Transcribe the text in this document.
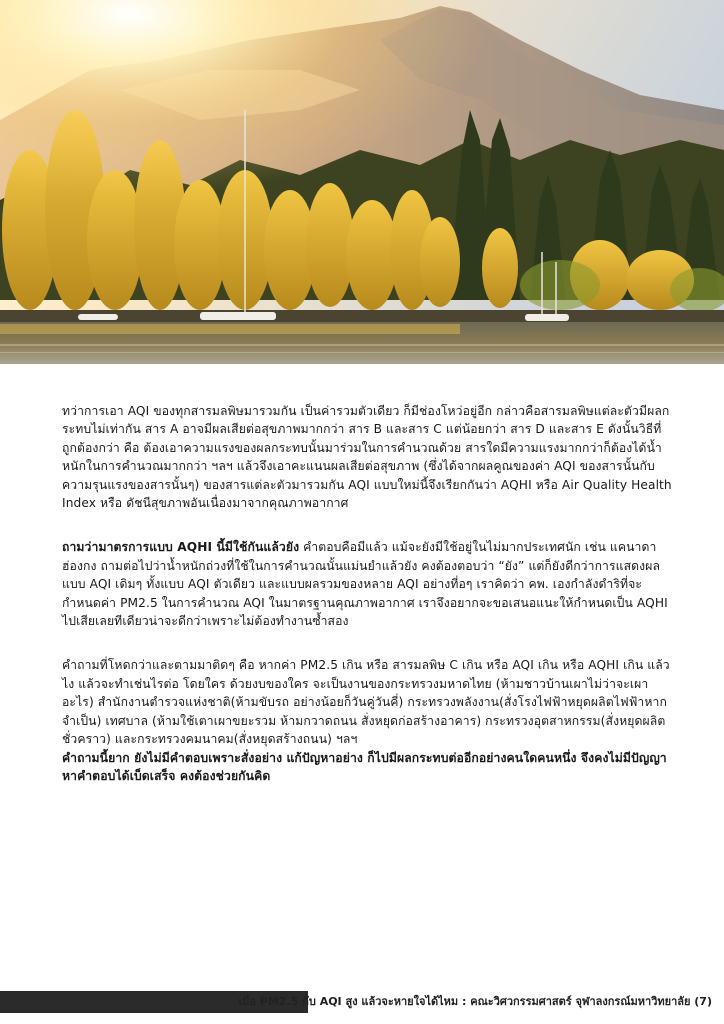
ทว่าการเอา AQI ของทุกสารมลพิษมารวมกัน เป็นค่ารวมตัวเดียว ก็มีช่องโหว่อยู่อีก กล่าวคือสารมลพิษแต่ละตัวมีผลกระทบไม่เท่ากัน สาร A อาจมีผลเสียต่อสุขภาพมากกว่า สาร B และสาร C แต่น้อยกว่า สาร D และสาร E ดังนั้นวิธีที่ถูกต้องกว่า คือ ต้องเอาความแรงของผลกระทบนั้นมาร่วมในการคำนวณด้วย สารใดมีความแรงมากกว่าก็ต้องได้น้ำหนักในการคำนวณมากกว่า ฯลฯ แล้วจึงเอาคะแนนผลเสียต่อสุขภาพ (ซึ่งได้จากผลคูณของค่า AQI ของสารนั้นกับความรุนแรงของสารนั้นๆ) ของสารแต่ละตัวมารวมกัน AQI แบบใหม่นี้จึงเรียกกันว่า AQHI หรือ Air Quality Health Index หรือ ดัชนีสุขภาพอันเนื่องมาจากคุณภาพอากาศ

ถามว่ามาตรการแบบ AQHI นี้มีใช้กันแล้วยัง คำตอบคือมีแล้ว แม้จะยังมีใช้อยู่ในไม่มากประเทศนัก เช่น แคนาดา ฮ่องกง ถามต่อไปว่าน้ำหนักถ่วงที่ใช้ในการคำนวณนั้นแม่นยำแล้วยัง คงต้องตอบว่า “ยัง” แต่ก็ยังดีกว่าการแสดงผลแบบ AQI เดิมๆ ทั้งแบบ AQI ตัวเดียว และแบบผลรวมของหลาย AQI อย่างที่อๆ เราคิดว่า คพ. เองกำลังดำริที่จะกำหนดค่า PM2.5 ในการคำนวณ AQI ในมาตรฐานคุณภาพอากาศ เราจึงอยากจะขอเสนอแนะให้กำหนดเป็น AQHI ไปเสียเลยทีเดียวน่าจะดีกว่าเพราะไม่ต้องทำงานซ้ำสอง

คำถามที่โหดกว่าและตามมาติดๆ คือ หากค่า PM2.5 เกิน หรือ สารมลพิษ C เกิน หรือ AQI เกิน หรือ AQHI เกิน แล้วไง แล้วจะทำเช่นไรต่อ โดยใคร ด้วยงบของใคร จะเป็นงานของกระทรวงมหาดไทย (ห้ามชาวบ้านเผาไม่ว่าจะเผาอะไร) สำนักงานตำรวจแห่งชาติ(ห้ามขับรถ อย่างน้อยก็วันคู่วันคี่) กระทรวงพลังงาน(สั่งโรงไฟฟ้าหยุดผลิตไฟฟ้าหากจำเป็น) เทศบาล (ห้ามใช้เตาเผาขยะรวม ห้ามกวาดถนน สั่งหยุดก่อสร้างอาคาร) กระทรวงอุตสาหกรรม(สั่งหยุดผลิตชั่วคราว) และกระทรวงคมนาคม(สั่งหยุดสร้างถนน) ฯลฯ

คำถามนี้ยาก ยังไม่มีคำตอบเพราะสั่งอย่าง แก้ปัญหาอย่าง ก็ไปมีผลกระทบต่ออีกอย่างคนใดคนหนึ่ง จึงคงไม่มีปัญญาหาคำตอบได้เบ็ดเสร็จ คงต้องช่วยกันคิด

เมื่อ PM2.5 กับ AQI สูง แล้วจะหายใจได้ไหม : คณะวิศวกรรมศาสตร์ จุฬาลงกรณ์มหาวิทยาลัย (7)
